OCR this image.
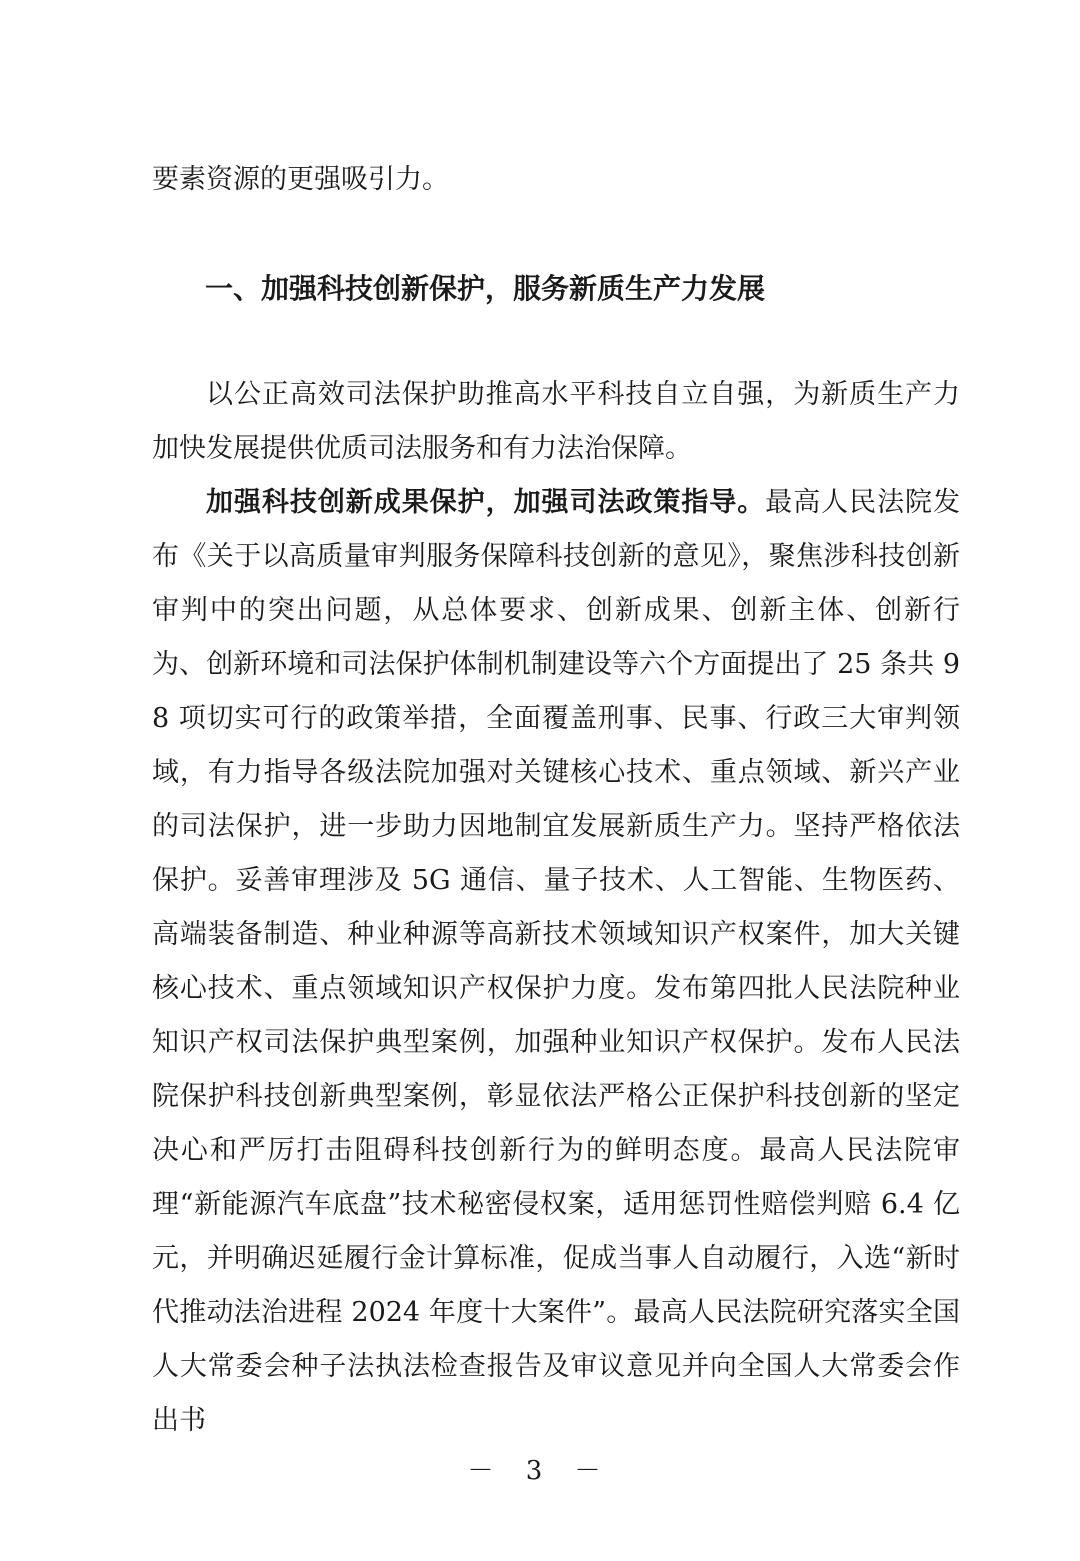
要素资源的更强吸引力。
一、加强科技创新保护，服务新质生产力发展
以公正高效司法保护助推高水平科技自立自强，为新质生产力加快发展提供优质司法服务和有力法治保障。
加强科技创新成果保护，加强司法政策指导。最高人民法院发布《关于以高质量审判服务保障科技创新的意见》，聚焦涉科技创新审判中的突出问题，从总体要求、创新成果、创新主体、创新行为、创新环境和司法保护体制机制建设等六个方面提出了 25 条共 98 项切实可行的政策举措，全面覆盖刑事、民事、行政三大审判领域，有力指导各级法院加强对关键核心技术、重点领域、新兴产业的司法保护，进一步助力因地制宜发展新质生产力。坚持严格依法保护。妥善审理涉及 5G 通信、量子技术、人工智能、生物医药、高端装备制造、种业种源等高新技术领域知识产权案件，加大关键核心技术、重点领域知识产权保护力度。发布第四批人民法院种业知识产权司法保护典型案例，加强种业知识产权保护。发布人民法院保护科技创新典型案例，彰显依法严格公正保护科技创新的坚定决心和严厉打击阻碍科技创新行为的鲜明态度。最高人民法院审理“新能源汽车底盘”技术秘密侵权案，适用惩罚性赔偿判赔 6.4 亿元，并明确迟延履行金计算标准，促成当事人自动履行，入选“新时代推动法治进程 2024 年度十大案件”。最高人民法院研究落实全国人大常委会种子法执法检查报告及审议意见并向全国人大常委会作出书
－ 3 －
